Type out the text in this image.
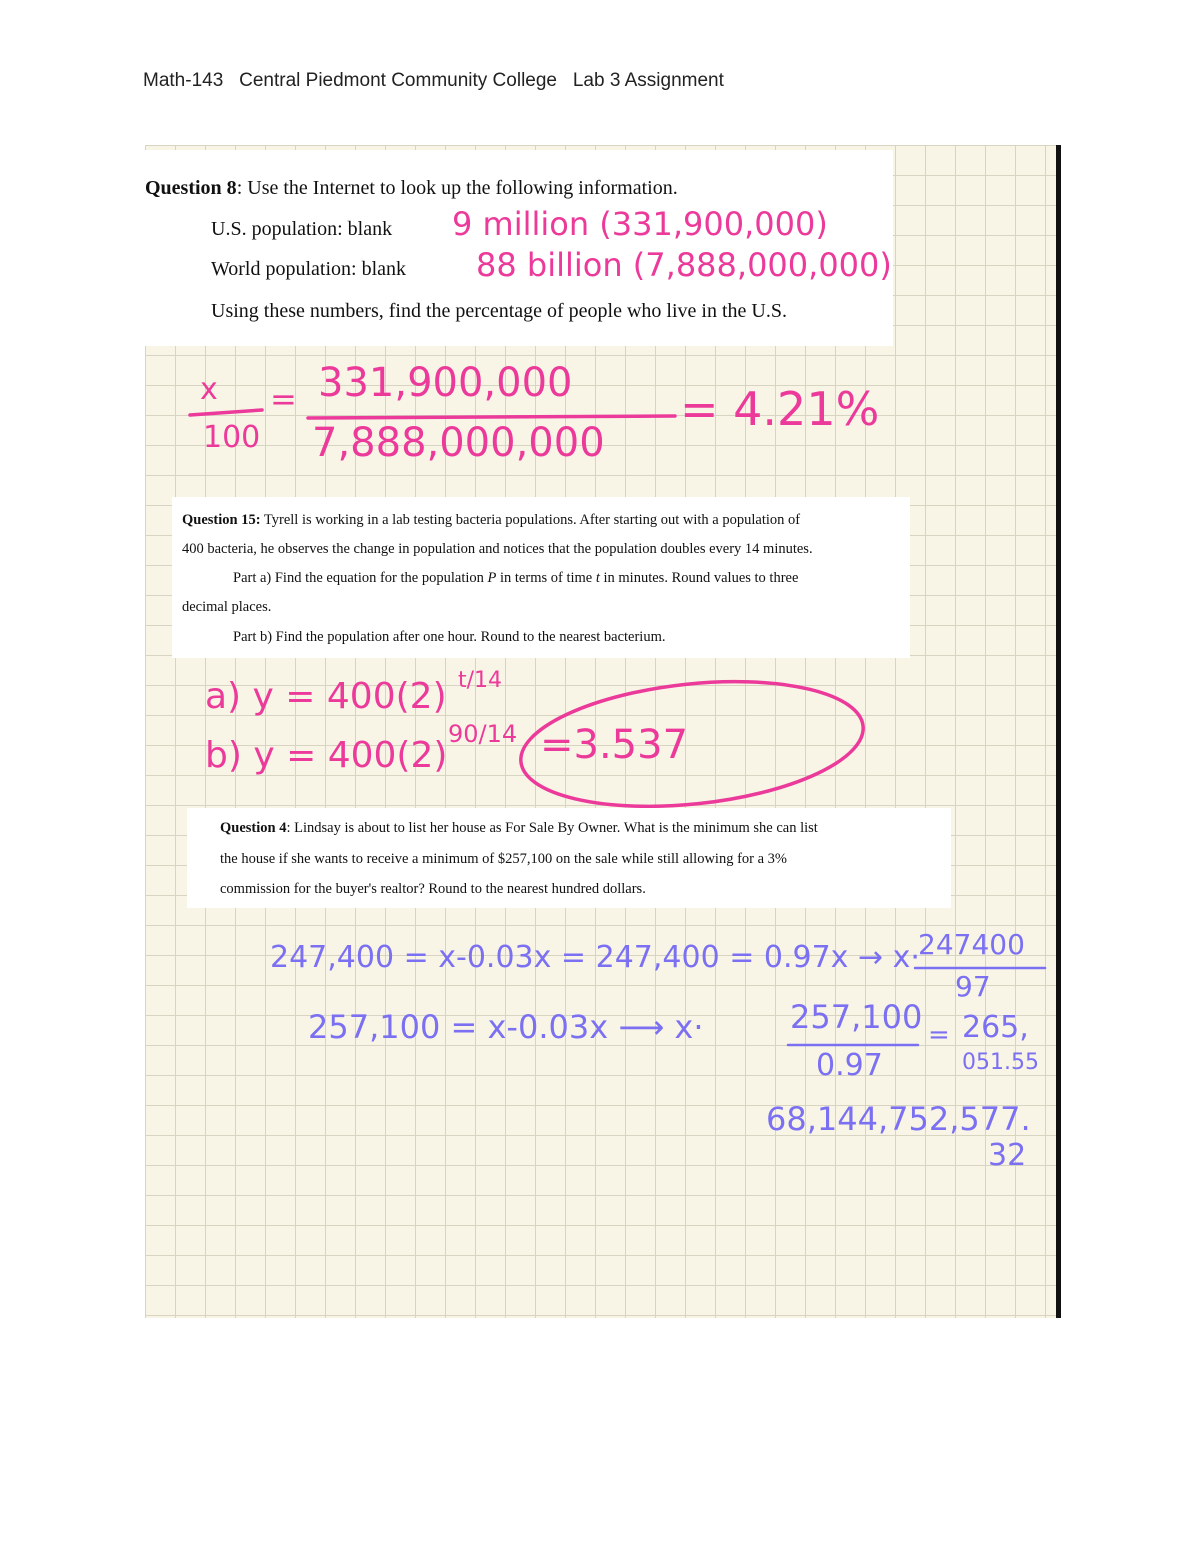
Math-143 Central Piedmont Community College Lab 3 Assignment
Question 8: Use the Internet to look up the following information.
U.S. population: blank
World population: blank
Using these numbers, find the percentage of people who live in the U.S.
9 million (331,900,000)
88 billion (7,888,000,000)
x
100
= 331,900,000
7,888,000,000
= 4.21%
Question 15: Tyrell is working in a lab testing bacteria populations. After starting out with a population of
400 bacteria, he observes the change in population and notices that the population doubles every 14 minutes.
Part a) Find the equation for the population P in terms of time t in minutes. Round values to three
decimal places.
Part b) Find the population after one hour. Round to the nearest bacterium.
a) y = 400(2) t/14
b) y = 400(2)
90/14 =3.537
Question 4: Lindsay is about to list her house as For Sale By Owner. What is the minimum she can list
the house if she wants to receive a minimum of $257,100 on the sale while still allowing for a 3%
commission for the buyer's realtor? Round to the nearest hundred dollars.
247,400 = x-0.03x = 247,400 = 0.97x → x·
247400
97
257,100 = x-0.03x ⟶ x·	257,100
0.97
= 265,
051.55
68,144,752,577.
32
